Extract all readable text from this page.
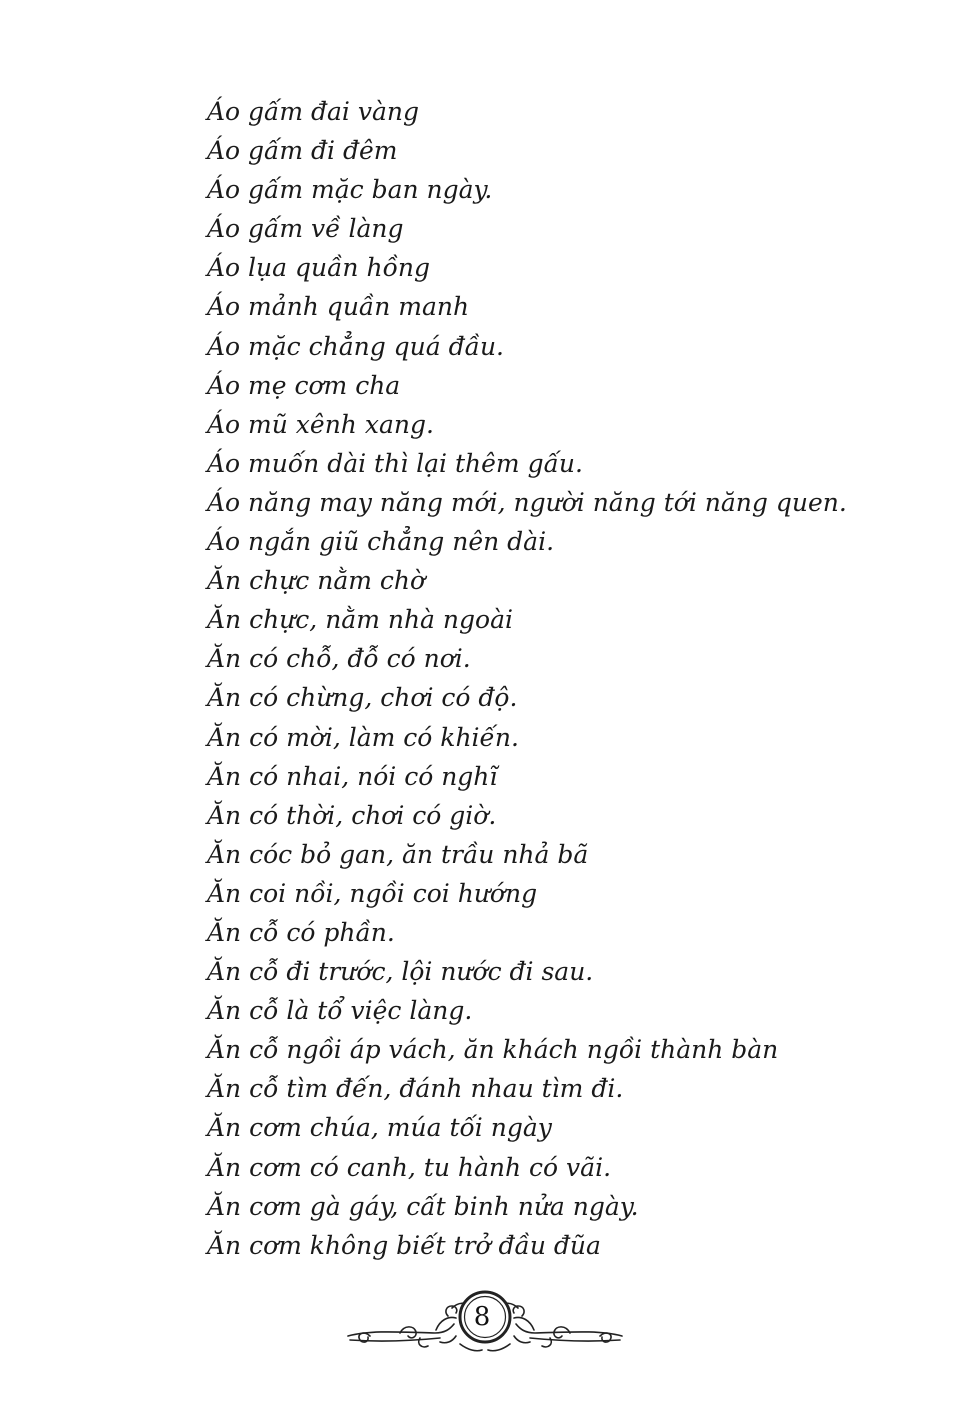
Áo gấm đai vàng
Áo gấm đi đêm
Áo gấm mặc ban ngày.
Áo gấm về làng
Áo lụa quần hồng
Áo mảnh quần manh
Áo mặc chẳng quá đầu.
Áo mẹ cơm cha
Áo mũ xênh xang.
Áo muốn dài thì lại thêm gấu.
Áo năng may năng mới, người năng tới năng quen.
Áo ngắn giũ chẳng nên dài.
Ăn chực nằm chờ
Ăn chực, nằm nhà ngoài
Ăn có chỗ, đỗ có nơi.
Ăn có chừng, chơi có độ.
Ăn có mời, làm có khiến.
Ăn có nhai, nói có nghĩ
Ăn có thời, chơi có giờ.
Ăn cóc bỏ gan, ăn trầu nhả bã
Ăn coi nồi, ngồi coi hướng
Ăn cỗ có phần.
Ăn cỗ đi trước, lội nước đi sau.
Ăn cỗ là tổ việc làng.
Ăn cỗ ngồi áp vách, ăn khách ngồi thành bàn
Ăn cỗ tìm đến, đánh nhau tìm đi.
Ăn cơm chúa, múa tối ngày
Ăn cơm có canh, tu hành có vãi.
Ăn cơm gà gáy, cất binh nửa ngày.
Ăn cơm không biết trở đầu đũa
8
